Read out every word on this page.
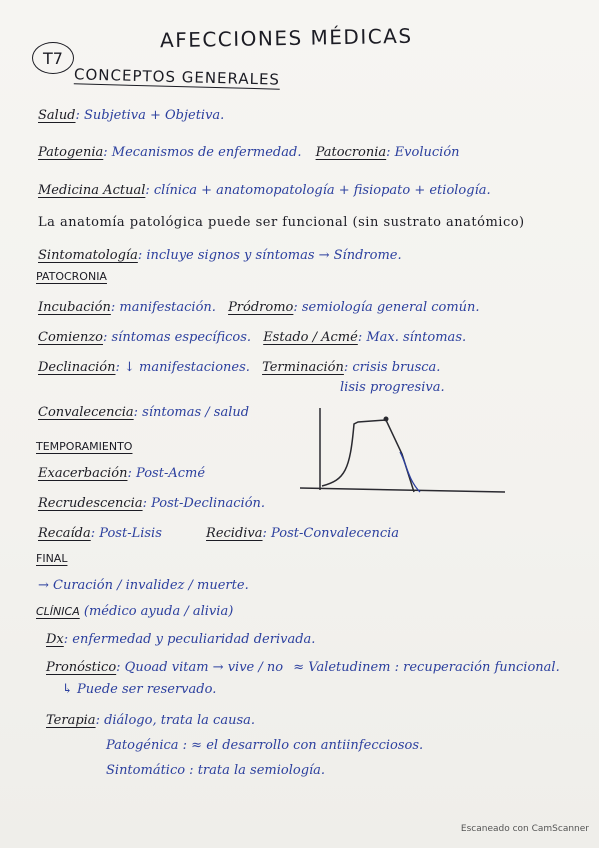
AFECCIONES MÉDICAS
T7
CONCEPTOS GENERALES
Salud: Subjetiva + Objetiva.
Patogenia: Mecanismos de enfermedad. Patocronia: Evolución
Medicina Actual: clínica + anatomopatología + fisiopato + etiología.
La anatomía patológica puede ser funcional (sin sustrato anatómico)
Sintomatología: incluye signos y síntomas → Síndrome.
PATOCRONIA
Incubación: manifestación. Pródromo: semiología general común.
Comienzo: síntomas específicos. Estado / Acmé: Max. síntomas.
Declinación: ↓ manifestaciones. Terminación: crisis brusca.
lisis progresiva.
Convalecencia: síntomas / salud
TEMPORAMIENTO
Exacerbación: Post-Acmé
Recrudescencia: Post-Declinación.
Recaída: Post-Lisis	Recidiva: Post-Convalecencia
FINAL
→ Curación / invalidez / muerte.
CLÍNICA (médico ayuda / alivia)
Dx: enfermedad y peculiaridad derivada.
Pronóstico: Quoad vitam → vive / no ≈ Valetudinem : recuperación funcional.
↳ Puede ser reservado.
Terapia: diálogo, trata la causa.
Patogénica : ≈ el desarrollo con antiinfecciosos.
Sintomático : trata la semiología.
Escaneado con CamScanner
